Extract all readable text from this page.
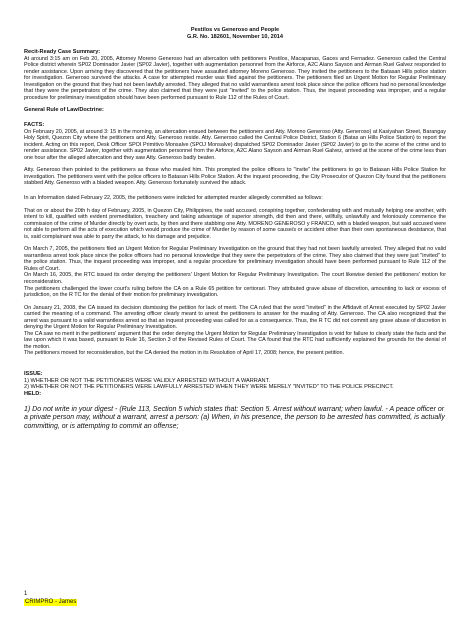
Pestilos vs Generoso and People
G.R. No. 182601, November 10, 2014
Recit-Ready Case Summary:

At around 3:15 am on Feb 20, 2005, Attorney Moreno Generoso had an altercation with petitioners Pestilos, Macapanas, Gaces and Fernadez. Generoso called the Central Police district wherein SP02 Dominador Javier (SP02 Javier), together with augmentation personnel from the Airforce, A2C Alano Sayson and Airman Ruel Galvez responded to render assistance. Upon arriving they discovered that the petitioners have assaulted attorney Moreno Generoso. They invited the petitioners to the Batasan Hills police station for investigation. Generoso survived the attacks. A case for attempted murder was filed against the petitioners. The petitioners filed an Urgent Motion for Regular Preliminary Investigation on the ground that they had not been lawfully arrested. They alleged that no valid warrantless arrest took place since the police officers had no personal knowledge that they were the perpetrators of the crime. They also claimed that they were just "invited" to the police station. Thus, the inquest proceeding was improper, and a regular procedure for preliminary investigation should have been performed pursuant to Rule 112 of the Rules of Court.

General Rule of Law/Doctrine:
FACTS:

On February 20, 2005, at around 3: 15 in the morning, an altercation ensued between the petitioners and Atty. Moreno Generoso (Atty. Generoso) at Kasiyahan Street, Barangay Holy Spirit, Quezon City where the petitioners and Atty. Generoso reside. Atty. Generoso called the Central Police District, Station 6 (Batas an Hills Police Station) to report the incident. Acting on this report, Desk Officer SPOI Primitivo Monsalve (SPOJ Monsalve) dispatched SP02 Dominador Javier (SP02 Javier) to go to the scene of the crime and to render assistance. SP02 Javier, together with augmentation personnel from the Airforce, A2C Alano Sayson and Airman Ruel Galvez, arrived at the scene of the crime less than one hour after the alleged altercation and they saw Atty. Generoso badly beaten.

Atty. Generoso then pointed to the petitioners as those who mauled him. This prompted the police officers to "invite" the petitioners to go to Batasan Hills Police Station for investigation. The petitioners went with the police officers to Batasan Hills Police Station. At the inquest proceeding, the City Prosecutor of Quezon City found that the petitioners stabbed Atty. Generoso with a bladed weapon. Atty. Generoso fortunately survived the attack.

In an Information dated February 22, 2005, the petitioners were indicted for attempted murder allegedly committed as follows:

That on or about the 20th h day of February, 2005, in Quezon City, Philippines, the said accused, conspiring together, confederating with and mutually helping one another, with intent to kill, qualified with evident premeditation, treachery and taking advantage of superior strength, did then and there, willfully, unlawfully and feloniously commence the commission of the crime of Murder directly by overt acts, by then and there stabbing one Atty. MORENO GENEROSO y FRANCO, with a bladed weapon, but said accused were not able to perform all the acts of execution which would produce the crime of Murder by reason of some cause/s or accident other than their own spontaneous desistance, that is, said complainant was able to parry the attack, to his damage and prejudice.

On March 7, 2005, the petitioners filed an Urgent Motion for Regular Preliminary Investigation on the ground that they had not been lawfully arrested. They alleged that no valid warrantless arrest took place since the police officers had no personal knowledge that they were the perpetrators of the crime. They also claimed that they were just "invited" to the police station. Thus, the inquest proceeding was improper, and a regular procedure for preliminary investigation should have been performed pursuant to Rule 112 of the Rules of Court.

On March 16, 2005, the RTC issued its order denying the petitioners' Urgent Motion for Regular Preliminary Investigation. The court likewise denied the petitioners' motion for reconsideration.

The petitioners challenged the lower court's ruling before the CA on a Rule 65 petition for certiorari. They attributed grave abuse of discretion, amounting to lack or excess of jurisdiction, on the R TC for the denial of their motion for preliminary investigation.

On January 21, 2008, the CA issued its decision dismissing the petition for lack of merit. The CA ruled that the word "invited" in the Affidavit of Arrest executed by SP02 Javier carried the meaning of a command. The arresting officer clearly meant to arrest the petitioners to answer for the mauling of Atty. Generoso. The CA also recognized that the arrest was pursuant to a valid warrantless arrest so that an inquest proceeding was called for as a consequence. Thus, the R TC did not commit any grave abuse of discretion in denying the Urgent Motion for Regular Preliminary Investigation.

The CA saw no merit in the petitioners' argument that the order denying the Urgent Motion for Regular Preliminary Investigation is void for failure to clearly state the facts and the law upon which it was based, pursuant to Rule 16, Section 3 of the Revised Rules of Court. The CA found that the RTC had sufficiently explained the grounds for the denial of the motion.

The petitioners moved for reconsideration, but the CA denied the motion in its Resolution of April 17, 2008; hence, the present petition.

ISSUE:
1) WHETHER OR NOT THE PETITIONERS WERE VALIDLY ARRESTED WITHOUT A WARRANT.
2) WHETHER OR NOT THE PETITIONERS WERE LAWFULLY ARRESTED WHEN THEY WERE MERELY "INVITED" TO THE POLICE PRECINCT.
HELD:
1) Do not write in your digest - (Rule 113, Section 5 which states that: Section 5. Arrest without warrant; when lawful. - A peace officer or a private person may, without a warrant, arrest a person: (a) When, in his presence, the person to be arrested has committed, is actually committing, or is attempting to commit an offense;
1
CRIMPRO - James
